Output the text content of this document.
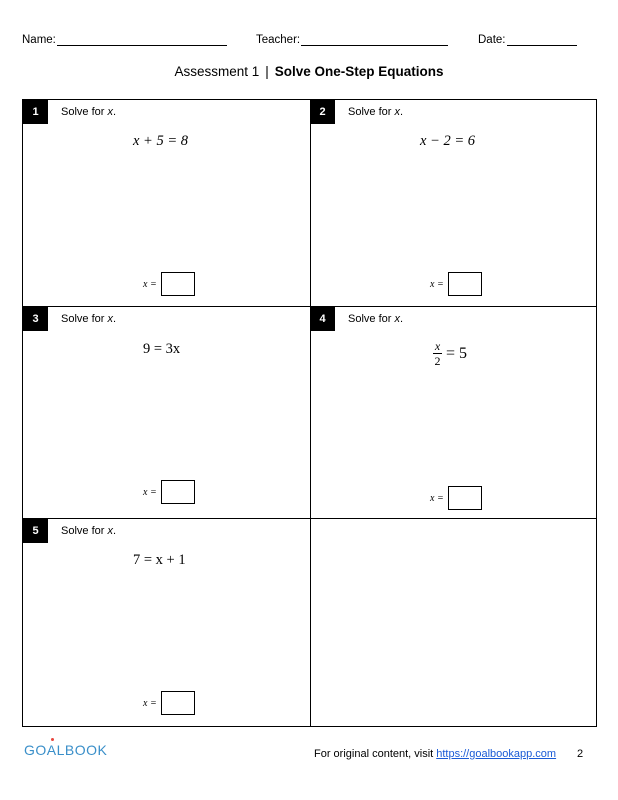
Name:	Teacher:	Date:
Assessment 1 | Solve One-Step Equations
1	Solve for x.
x + 5 = 8
x =
2	Solve for x.
x − 2 = 6
x =
3	Solve for x.
9 = 3x
x =
4	Solve for x.
$\frac{x}{2} = 5$
x =
5	Solve for x.
7 = x + 1
x =
GOALBOOK	For original content, visit https://goalbookapp.com 2
